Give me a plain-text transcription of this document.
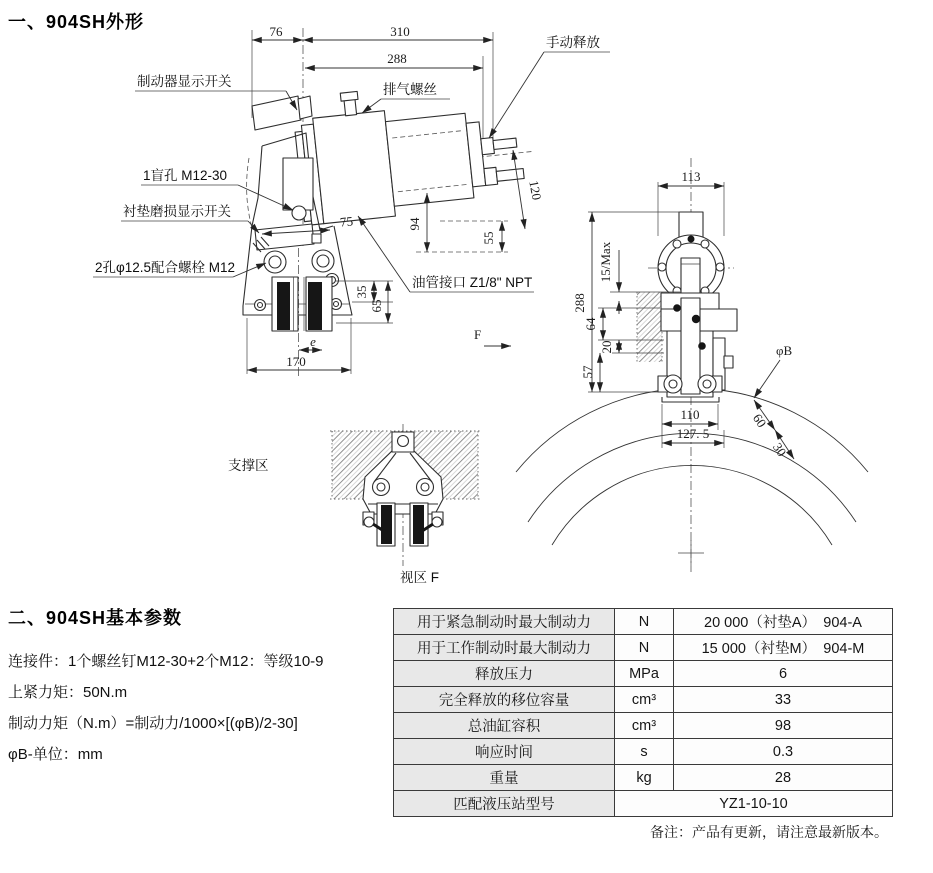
一、904SH外形	76	310
288
75
35
65
e
170
94
55
120
F
手动释放
制动器显示开关
排气螺丝
1盲孔 M12-30
衬垫磨损显示开关
2孔φ12.5配合螺栓 M12
油管接口 Z1/8" NPT
支撑区
视区 F
113
288
15/Max
64
20
57
110
127. 5
φB
60
30
二、904SH基本参数
连接件：1个螺丝钉M12-30+2个M12：等级10-9
上紧力矩：50N.m
制动力矩（N.m）=制动力/1000×[(φB)/2-30]
φB-单位：mm
用于紧急制动时最大制动力	N	20 000（衬垫A）　904-A
用于工作制动时最大制动力	N	15 000（衬垫M）　904-M
释放压力	MPa	6
完全释放的移位容量	cm³	33
总油缸容积	cm³	98
响应时间	s	0.3
重量	kg	28
匹配液压站型号	YZ1-10-10	
备注：产品有更新，请注意最新版本。
